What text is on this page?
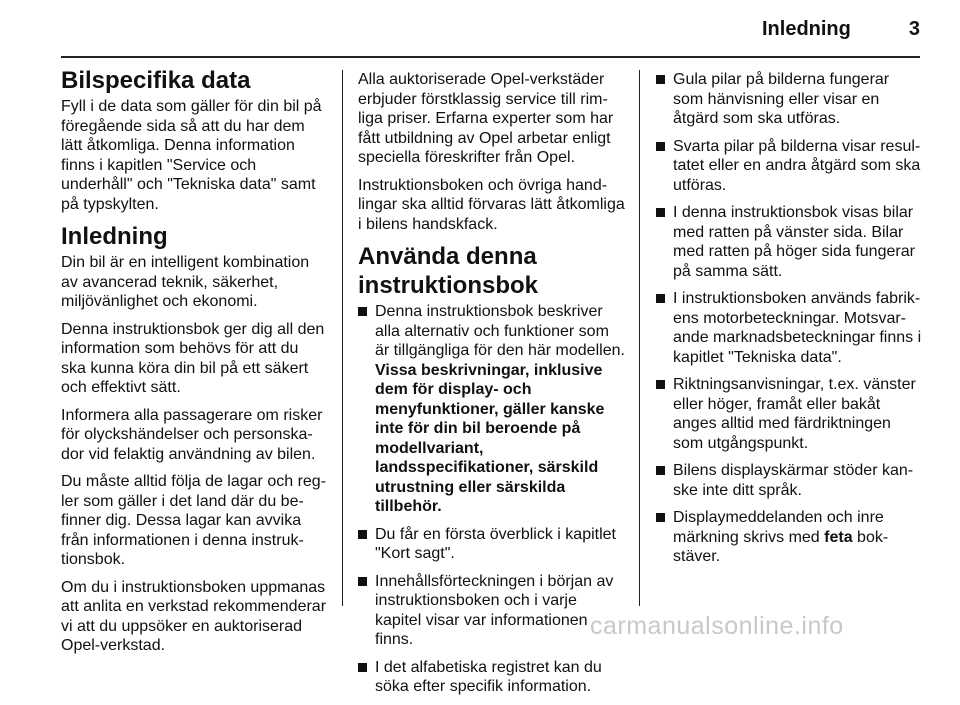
Inledning	3
Bilspecifika data

Fyll i de data som gäller för din bil på föregående sida så att du har dem lätt åtkomliga. Denna information finns i kapitlen "Service och underhåll" och "Tekniska data" samt på typskylten.

Inledning

Din bil är en intelligent kombination av avancerad teknik, säkerhet, miljövänlighet och ekonomi.

Denna instruktionsbok ger dig all den information som behövs för att du ska kunna köra din bil på ett säkert och effektivt sätt.

Informera alla passagerare om risker för olyckshändelser och personskador vid felaktig användning av bilen.

Du måste alltid följa de lagar och regler som gäller i det land där du befinner dig. Dessa lagar kan avvika från informationen i denna instruktionsbok.

Om du i instruktionsboken uppmanas att anlita en verkstad rekommenderar vi att du uppsöker en auktoriserad Opel-verkstad.

Alla auktoriserade Opel-verkstäder erbjuder förstklassig service till rimliga priser. Erfarna experter som har fått utbildning av Opel arbetar enligt speciella föreskrifter från Opel.

Instruktionsboken och övriga handlingar ska alltid förvaras lätt åtkomliga i bilens handskfack.

Använda denna instruktionsbok
Denna instruktionsbok beskriver alla alternativ och funktioner som är tillgängliga för den här modellen.
Vissa beskrivningar, inklusive dem för display- och menyfunktioner, gäller kanske inte för din bil beroende på modellvariant, landsspecifikationer, särskild utrustning eller särskilda tillbehör.
Du får en första överblick i kapitlet "Kort sagt".
Innehållsförteckningen i början av instruktionsboken och i varje kapitel visar var informationen finns.
I det alfabetiska registret kan du söka efter specifik information.
Gula pilar på bilderna fungerar som hänvisning eller visar en åtgärd som ska utföras.
Svarta pilar på bilderna visar resultatet eller en andra åtgärd som ska utföras.
I denna instruktionsbok visas bilar med ratten på vänster sida. Bilar med ratten på höger sida fungerar på samma sätt.
I instruktionsboken används fabrikens motorbeteckningar. Motsvarande marknadsbeteckningar finns i kapitlet "Tekniska data".
Riktningsanvisningar, t.ex. vänster eller höger, framåt eller bakåt anges alltid med färdriktningen som utgångspunkt.
Bilens displayskärmar stöder kanske inte ditt språk.
Displaymeddelanden och inre märkning skrivs med feta bokstäver.
carmanualsonline.info
